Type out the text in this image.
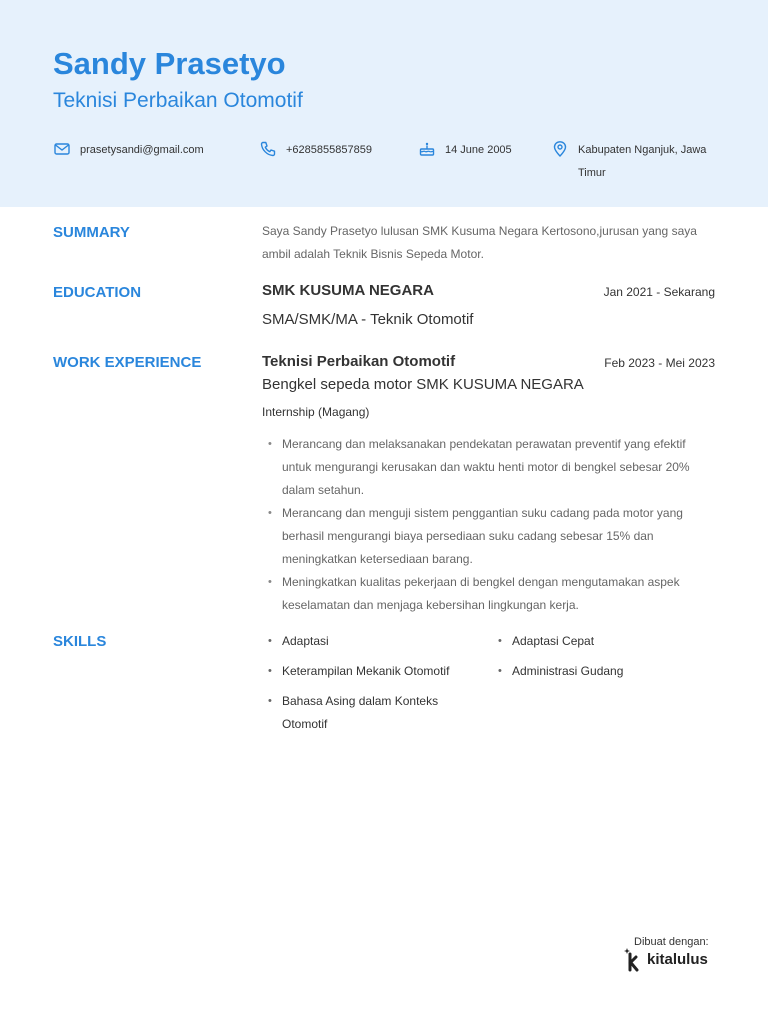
Sandy Prasetyo
Teknisi Perbaikan Otomotif
prasetysandi@gmail.com	+6285855857859	14 June 2005	Kabupaten Nganjuk, Jawa Timur
SUMMARY	Saya Sandy Prasetyo lulusan SMK Kusuma Negara Kertosono,jurusan yang saya ambil adalah Teknik Bisnis Sepeda Motor.
EDUCATION	SMK KUSUMA NEGARA	Jan 2021 - Sekarang
SMA/SMK/MA - Teknik Otomotif
WORK EXPERIENCE	Teknisi Perbaikan Otomotif	Feb 2023 - Mei 2023
Bengkel sepeda motor SMK KUSUMA NEGARA
Internship (Magang)
• Merancang dan melaksanakan pendekatan perawatan preventif yang efektif untuk mengurangi kerusakan dan waktu henti motor di bengkel sebesar 20% dalam setahun.
• Merancang dan menguji sistem penggantian suku cadang pada motor yang berhasil mengurangi biaya persediaan suku cadang sebesar 15% dan meningkatkan ketersediaan barang.
• Meningkatkan kualitas pekerjaan di bengkel dengan mengutamakan aspek keselamatan dan menjaga kebersihan lingkungan kerja.
SKILLS	• Adaptasi	• Adaptasi Cepat
• Keterampilan Mekanik Otomotif	• Administrasi Gudang
• Bahasa Asing dalam Konteks Otomotif
Dibuat dengan:
kitalulus
